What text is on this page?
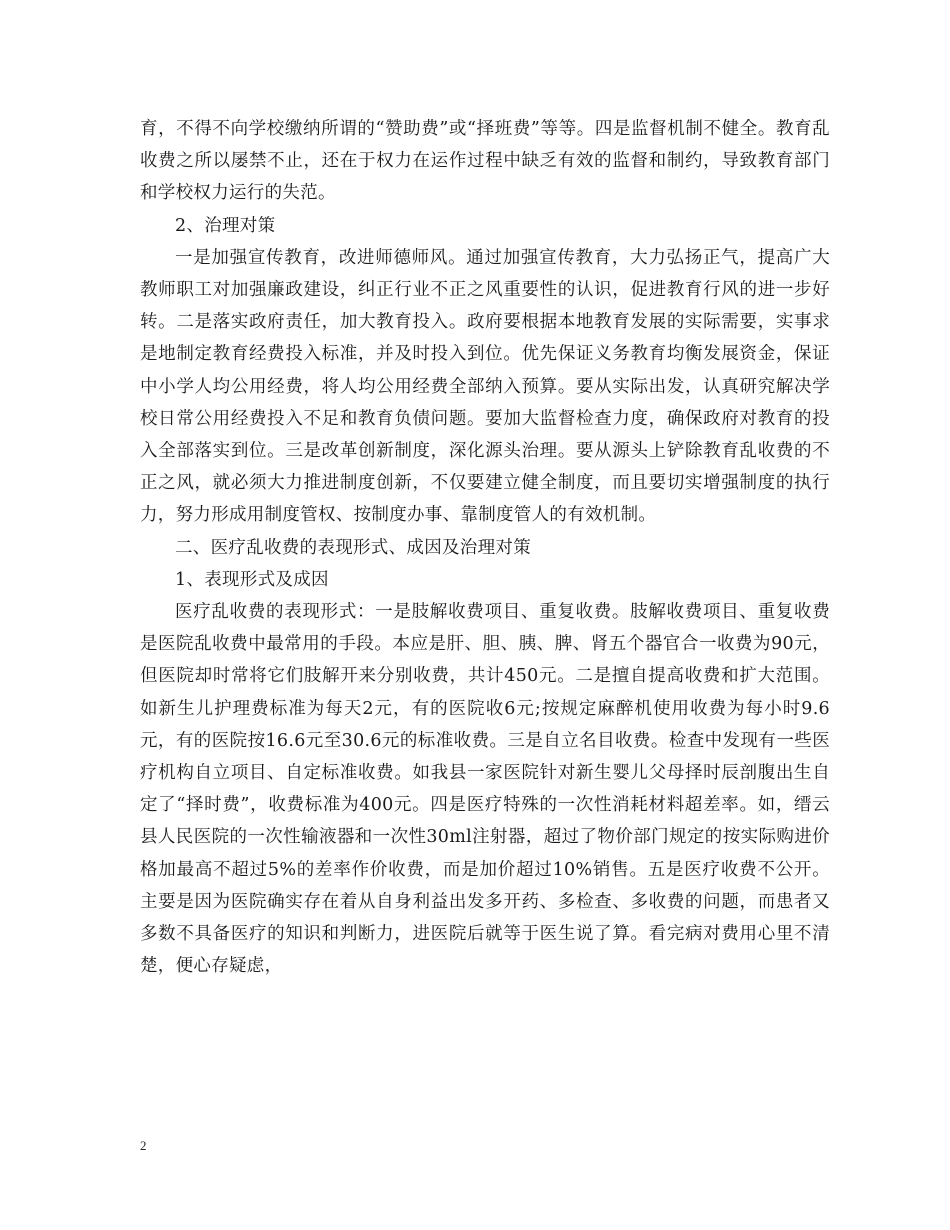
育，不得不向学校缴纳所谓的“赞助费”或“择班费”等等。四是监督机制不健全。教育乱收费之所以屡禁不止，还在于权力在运作过程中缺乏有效的监督和制约，导致教育部门和学校权力运行的失范。

2、治理对策

一是加强宣传教育，改进师德师风。通过加强宣传教育，大力弘扬正气，提高广大教师职工对加强廉政建设，纠正行业不正之风重要性的认识，促进教育行风的进一步好转。二是落实政府责任，加大教育投入。政府要根据本地教育发展的实际需要，实事求是地制定教育经费投入标准，并及时投入到位。优先保证义务教育均衡发展资金，保证中小学人均公用经费，将人均公用经费全部纳入预算。要从实际出发，认真研究解决学校日常公用经费投入不足和教育负债问题。要加大监督检查力度，确保政府对教育的投入全部落实到位。三是改革创新制度，深化源头治理。要从源头上铲除教育乱收费的不正之风，就必须大力推进制度创新，不仅要建立健全制度，而且要切实增强制度的执行力，努力形成用制度管权、按制度办事、靠制度管人的有效机制。

二、医疗乱收费的表现形式、成因及治理对策

1、表现形式及成因

医疗乱收费的表现形式：一是肢解收费项目、重复收费。肢解收费项目、重复收费是医院乱收费中最常用的手段。本应是肝、胆、胰、脾、肾五个器官合一收费为90元，但医院却时常将它们肢解开来分别收费，共计450元。二是擅自提高收费和扩大范围。如新生儿护理费标准为每天2元，有的医院收6元;按规定麻醉机使用收费为每小时9.6元，有的医院按16.6元至30.6元的标准收费。三是自立名目收费。检查中发现有一些医疗机构自立项目、自定标准收费。如我县一家医院针对新生婴儿父母择时辰剖腹出生自定了“择时费”，收费标准为400元。四是医疗特殊的一次性消耗材料超差率。如，缙云县人民医院的一次性输液器和一次性30ml注射器，超过了物价部门规定的按实际购进价格加最高不超过5%的差率作价收费，而是加价超过10%销售。五是医疗收费不公开。主要是因为医院确实存在着从自身利益出发多开药、多检查、多收费的问题，而患者又多数不具备医疗的知识和判断力，进医院后就等于医生说了算。看完病对费用心里不清楚，便心存疑虑，

2
